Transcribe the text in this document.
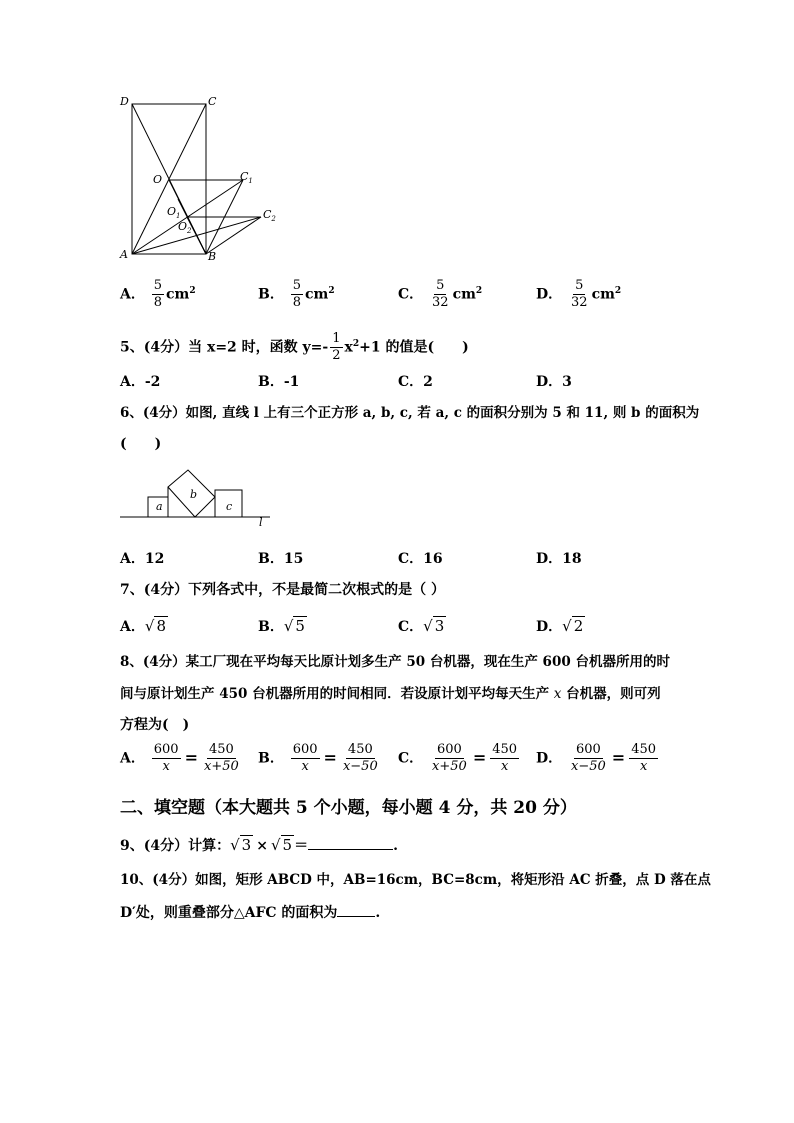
D	C
O	$C_1$
$O_1$
$O_2$
$C_2$
A	B
A． $\frac{5}{8} cm^2$	B． $\frac{5}{8} cm^2$	C． $\frac{5}{32} cm^2$	D． $\frac{5}{32} cm^2$
5、(4分）当 x=2 时，函数 $y=- \frac{1}{2} x^2+1$ 的值是(　　)
A．-2	B．-1	C．2	D．3
6、(4分）如图, 直线 l 上有三个正方形 a, b, c, 若 a, c 的面积分别为 5 和 11, 则 b 的面积为
(　　)
a
b
c
l
A．12	B．15	C．16	D．18
7、(4分）下列各式中，不是最简二次根式的是（ ）
A．√ 8	B．√ 5	C．√ 3	D．√ 2
8、(4分）某工厂现在平均每天比原计划多生产 50 台机器，现在生产 600 台机器所用的时
间与原计划生产 450 台机器所用的时间相同．若设原计划平均每天生产 x 台机器，则可列
方程为(　)
A． $\frac{600}{x} = \frac{450}{x+50}$ B． $\frac{600}{x} = \frac{450}{x-50}$ C． $\frac{600}{x+50} = \frac{450}{x}$ D． $\frac{600}{x-50} = \frac{450}{x}$
二、填空题（本大题共 5 个小题，每小题 4 分，共 20 分）
9、(4分）计算：√ 3 × √ 5 ＝	.
10、(4分）如图，矩形 ABCD 中，AB=16cm，BC=8cm，将矩形沿 AC 折叠，点 D 落在点
D′处，则重叠部分△AFC 的面积为	.
